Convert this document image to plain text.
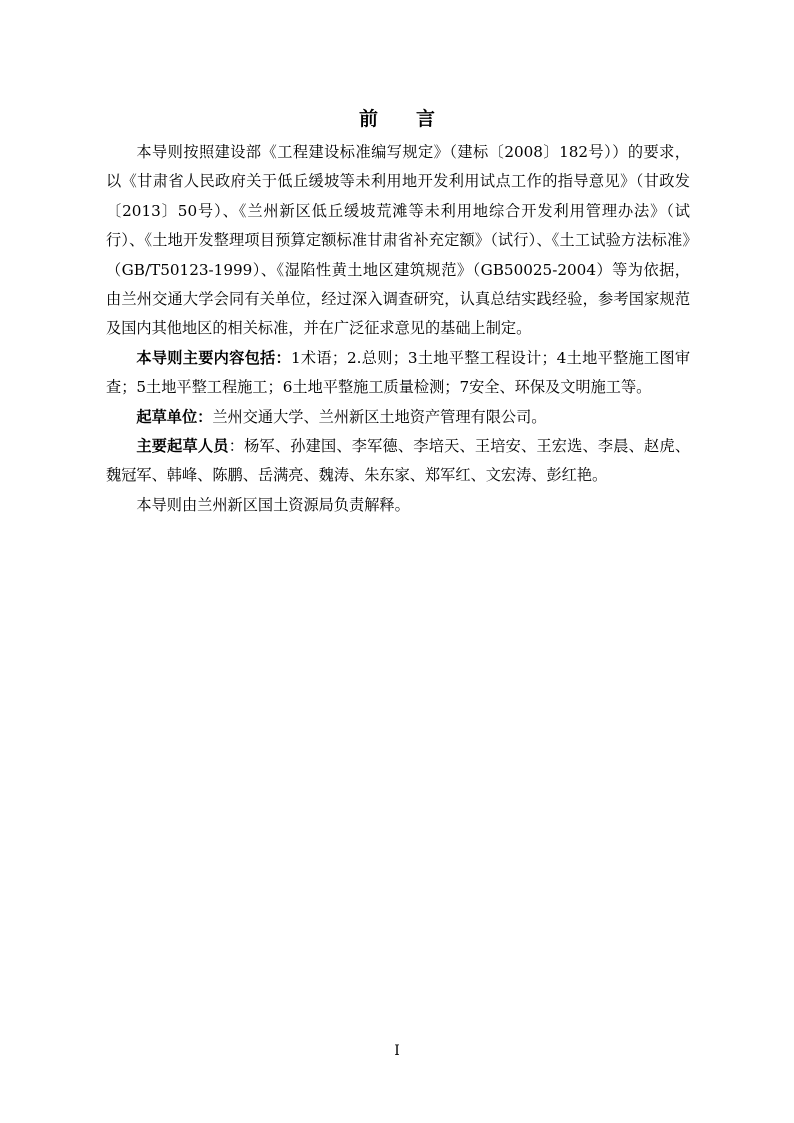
前 言

本导则按照建设部《工程建设标准编写规定》（建标〔2008〕182号））的要求，以《甘肃省人民政府关于低丘缓坡等未利用地开发利用试点工作的指导意见》（甘政发〔2013〕50号）、《兰州新区低丘缓坡荒滩等未利用地综合开发利用管理办法》（试行）、《土地开发整理项目预算定额标准甘肃省补充定额》（试行）、《土工试验方法标准》（GB/T50123-1999）、《湿陷性黄土地区建筑规范》（GB50025-2004）等为依据，由兰州交通大学会同有关单位，经过深入调查研究，认真总结实践经验，参考国家规范及国内其他地区的相关标准，并在广泛征求意见的基础上制定。

本导则主要内容包括：1术语；2.总则；3土地平整工程设计；4土地平整施工图审查；5土地平整工程施工；6土地平整施工质量检测；7安全、环保及文明施工等。

起草单位：兰州交通大学、兰州新区土地资产管理有限公司。

主要起草人员：杨军、孙建国、李军德、李培天、王培安、王宏选、李晨、赵虎、魏冠军、韩峰、陈鹏、岳满亮、魏涛、朱东家、郑军红、文宏涛、彭红艳。

本导则由兰州新区国土资源局负责解释。

I
